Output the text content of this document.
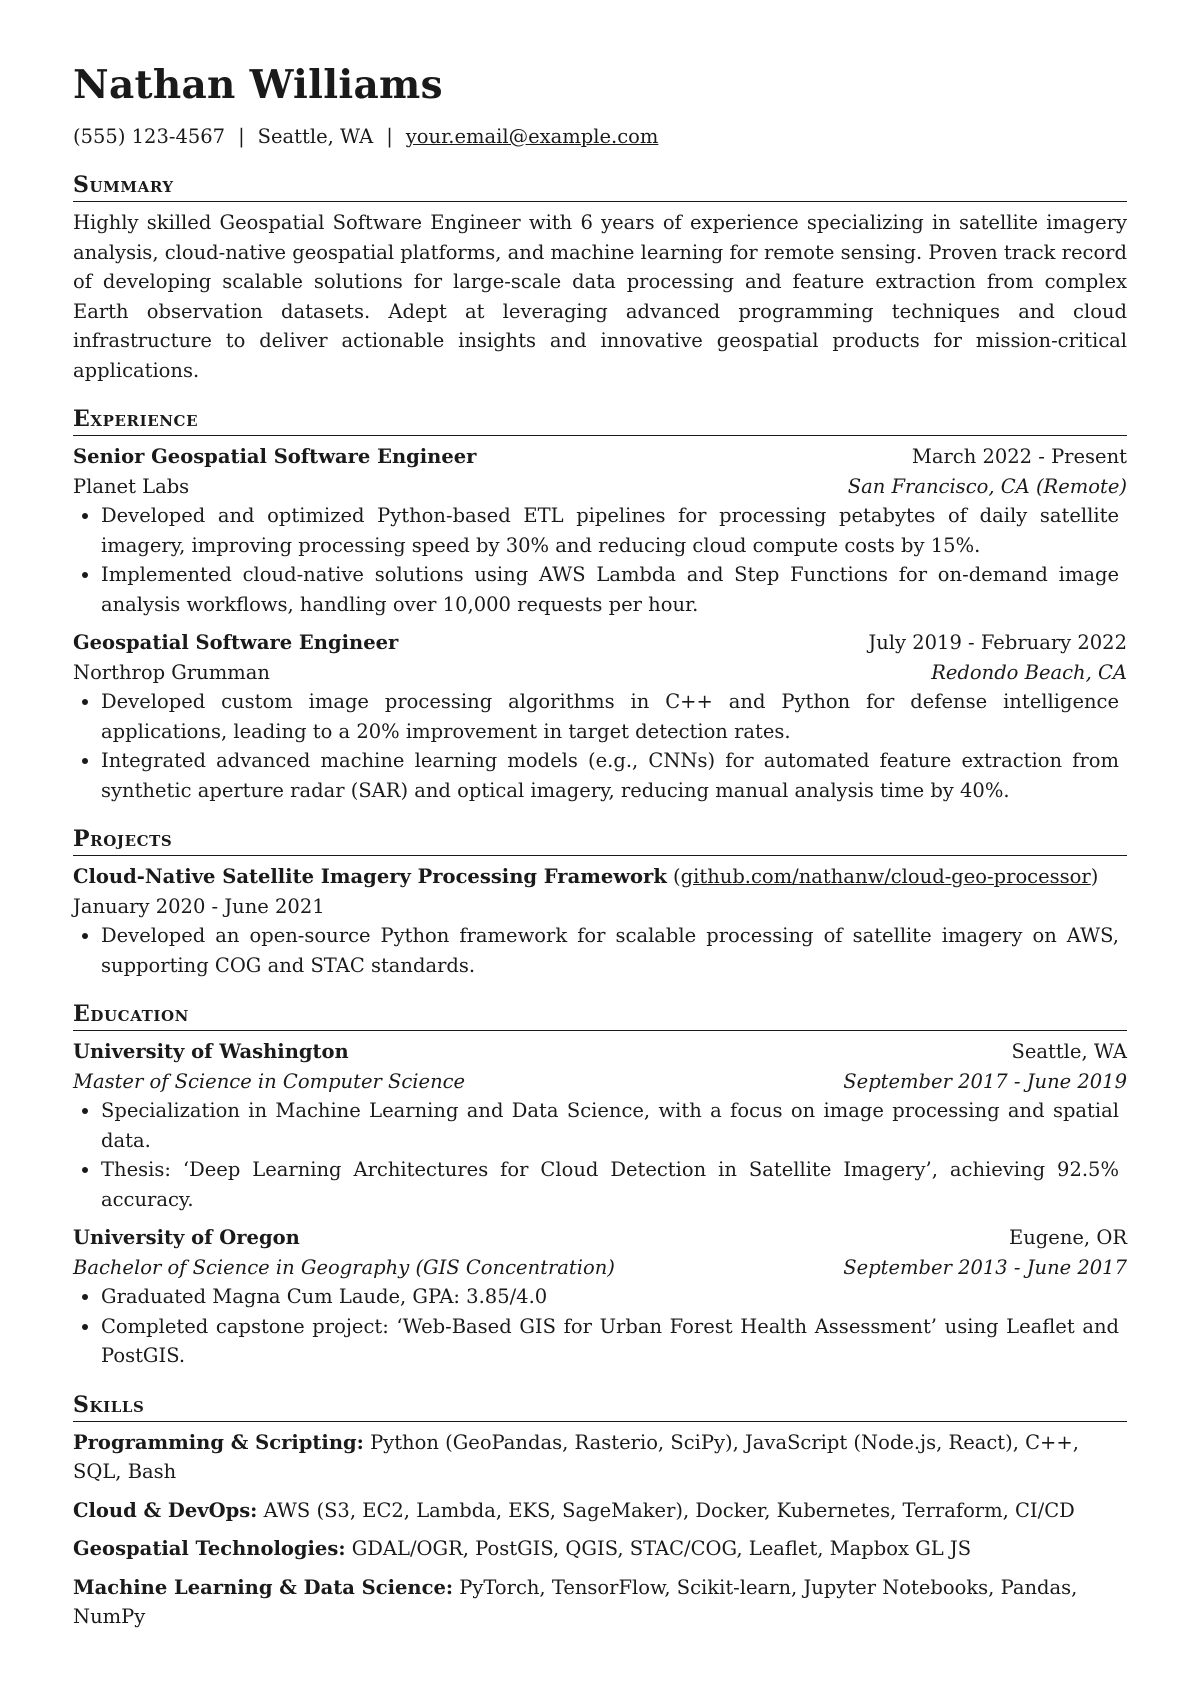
Nathan Williams
(555) 123-4567 | Seattle, WA | your.email@example.com
Summary
Highly skilled Geospatial Software Engineer with 6 years of experience specializing in satellite imagery analysis, cloud-native geospatial platforms, and machine learning for remote sensing. Proven track record of developing scalable solutions for large-scale data processing and feature extraction from complex Earth observation datasets. Adept at leveraging advanced programming techniques and cloud infrastructure to deliver actionable insights and innovative geospatial products for mission-critical applications.
Experience
Senior Geospatial Software Engineer	March 2022 - Present
Planet Labs	San Francisco, CA (Remote)
• Developed and optimized Python-based ETL pipelines for processing petabytes of daily satellite imagery, improving processing speed by 30% and reducing cloud compute costs by 15%.
• Implemented cloud-native solutions using AWS Lambda and Step Functions for on-demand image analysis workflows, handling over 10,000 requests per hour.
Geospatial Software Engineer	July 2019 - February 2022
Northrop Grumman	Redondo Beach, CA
• Developed custom image processing algorithms in C++ and Python for defense intelligence applications, leading to a 20% improvement in target detection rates.
• Integrated advanced machine learning models (e.g., CNNs) for automated feature extraction from synthetic aperture radar (SAR) and optical imagery, reducing manual analysis time by 40%.
Projects
Cloud-Native Satellite Imagery Processing Framework (github.com/nathanw/cloud-geo-processor)
January 2020 - June 2021
• Developed an open-source Python framework for scalable processing of satellite imagery on AWS, supporting COG and STAC standards.
Education
University of Washington	Seattle, WA
Master of Science in Computer Science	September 2017 - June 2019
• Specialization in Machine Learning and Data Science, with a focus on image processing and spatial data.
• Thesis: ‘Deep Learning Architectures for Cloud Detection in Satellite Imagery’, achieving 92.5% accuracy.
University of Oregon	Eugene, OR
Bachelor of Science in Geography (GIS Concentration)	September 2013 - June 2017
• Graduated Magna Cum Laude, GPA: 3.85/4.0
• Completed capstone project: ‘Web-Based GIS for Urban Forest Health Assessment’ using Leaflet and PostGIS.
Skills
Programming & Scripting: Python (GeoPandas, Rasterio, SciPy), JavaScript (Node.js, React), C++, SQL, Bash
Cloud & DevOps: AWS (S3, EC2, Lambda, EKS, SageMaker), Docker, Kubernetes, Terraform, CI/CD
Geospatial Technologies: GDAL/OGR, PostGIS, QGIS, STAC/COG, Leaflet, Mapbox GL JS
Machine Learning & Data Science: PyTorch, TensorFlow, Scikit-learn, Jupyter Notebooks, Pandas, NumPy
